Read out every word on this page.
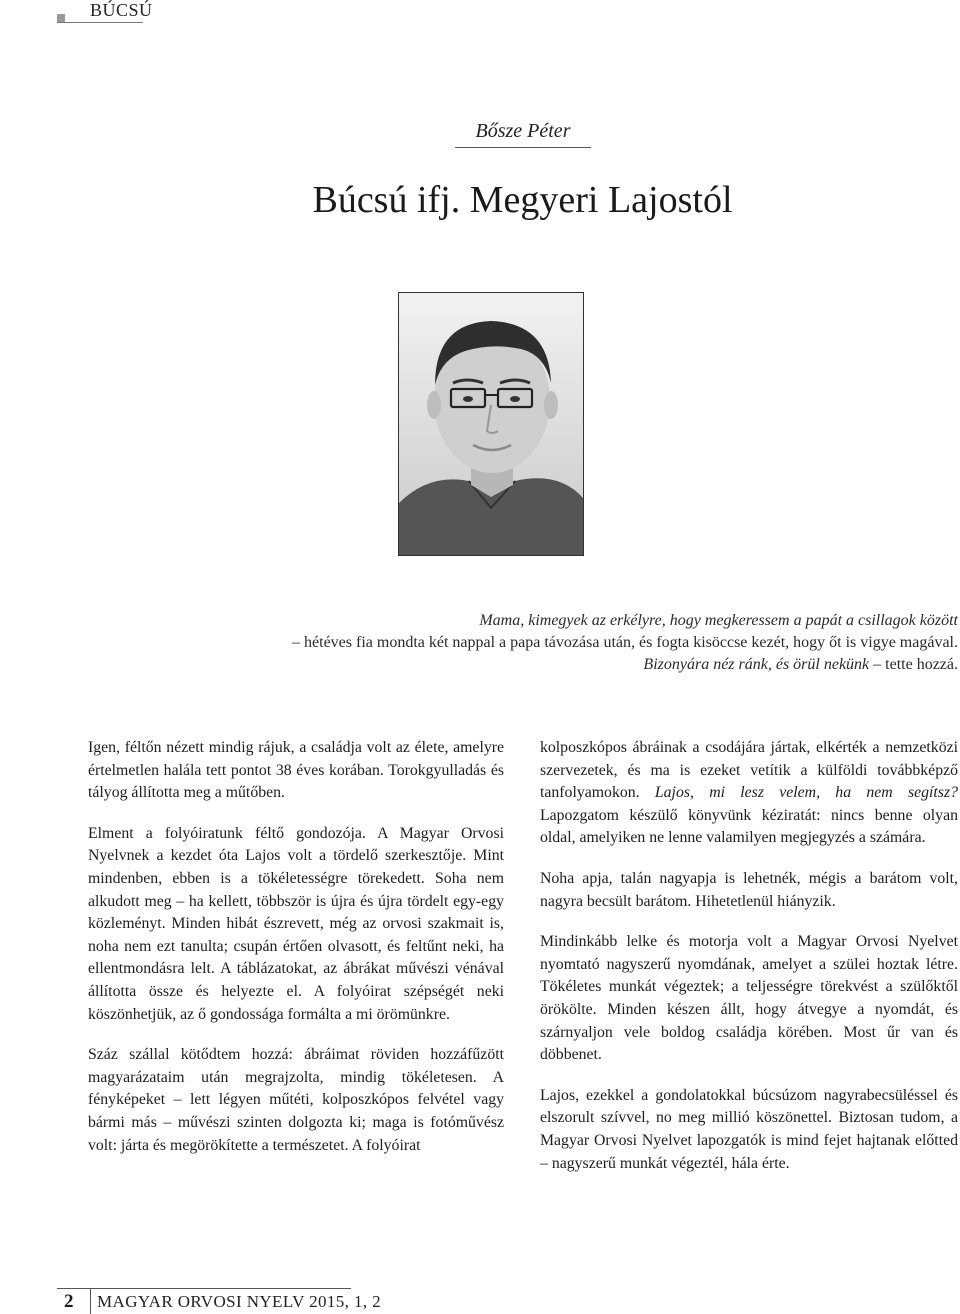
BÚCSÚ
Bősze Péter
Búcsú ifj. Megyeri Lajostól
Mama, kimegyek az erkélyre, hogy megkeressem a papát a csillagok között
– hétéves fia mondta két nappal a papa távozása után, és fogta kisöccse kezét, hogy őt is vigye magával.
Bizonyára néz ránk, és örül nekünk – tette hozzá.

Igen, féltőn nézett mindig rájuk, a családja volt az élete, amelyre értelmetlen halála tett pontot 38 éves korában. Torokgyulladás és tályog állította meg a műtőben.

Elment a folyóiratunk féltő gondozója. A Magyar Orvosi Nyelvnek a kezdet óta Lajos volt a tördelő szerkesztője. Mint mindenben, ebben is a tökéletességre törekedett. Soha nem alkudott meg – ha kellett, többször is újra és újra tördelt egy-egy közleményt. Minden hibát észrevett, még az orvosi szakmait is, noha nem ezt tanulta; csupán értően olvasott, és feltűnt neki, ha ellentmondásra lelt. A táblázatokat, az ábrákat művészi vénával állította össze és helyezte el. A folyóirat szépségét neki köszönhetjük, az ő gondossága formálta a mi örömünkre.

Száz szállal kötődtem hozzá: ábráimat röviden hozzáfűzött magyarázataim után megrajzolta, mindig tökéletesen. A fényképeket – lett légyen műtéti, kolposzkópos felvétel vagy bármi más – művészi szinten dolgozta ki; maga is fotóművész volt: járta és megörökítette a természetet. A folyóirat

kolposzkópos ábráinak a csodájára jártak, elkérték a nemzetközi szervezetek, és ma is ezeket vetítik a külföldi továbbképző tanfolyamokon. Lajos, mi lesz velem, ha nem segítsz? Lapozgatom készülő könyvünk kéziratát: nincs benne olyan oldal, amelyiken ne lenne valamilyen megjegyzés a számára.

Noha apja, talán nagyapja is lehetnék, mégis a barátom volt, nagyra becsült barátom. Hihetetlenül hiányzik.

Mindinkább lelke és motorja volt a Magyar Orvosi Nyelvet nyomtató nagyszerű nyomdának, amelyet a szülei hoztak létre. Tökéletes munkát végeztek; a teljességre törekvést a szülőktől örökölte. Minden készen állt, hogy átvegye a nyomdát, és szárnyaljon vele boldog családja körében. Most űr van és döbbenet.

Lajos, ezekkel a gondolatokkal búcsúzom nagyrabecsüléssel és elszorult szívvel, no meg millió köszönettel. Biztosan tudom, a Magyar Orvosi Nyelvet lapozgatók is mind fejet hajtanak előtted – nagyszerű munkát végeztél, hála érte.

2 MAGYAR ORVOSI NYELV 2015, 1, 2
